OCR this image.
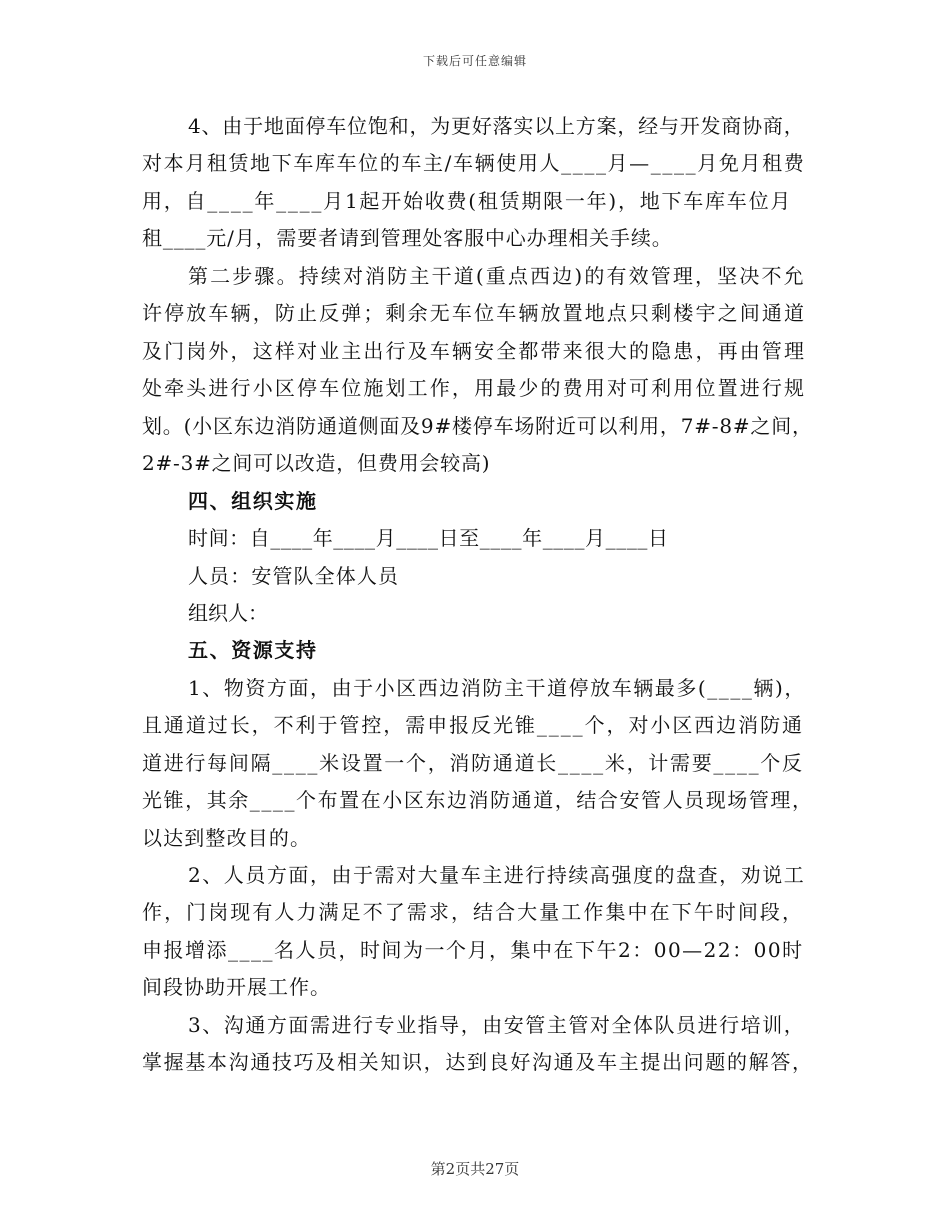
下载后可任意编辑
4、由于地面停车位饱和，为更好落实以上方案，经与开发商协商，
对本月租赁地下车库车位的车主/车辆使用人____月—____月免月租费
用，自____年____月1起开始收费(租赁期限一年)，地下车库车位月
租____元/月，需要者请到管理处客服中心办理相关手续。
第二步骤。持续对消防主干道(重点西边)的有效管理，坚决不允
许停放车辆，防止反弹；剩余无车位车辆放置地点只剩楼宇之间通道
及门岗外，这样对业主出行及车辆安全都带来很大的隐患，再由管理
处牵头进行小区停车位施划工作，用最少的费用对可利用位置进行规
划。(小区东边消防通道侧面及9#楼停车场附近可以利用，7#-8#之间，
2#-3#之间可以改造，但费用会较高)
四、组织实施
时间：自____年____月____日至____年____月____日
人员：安管队全体人员
组织人：
五、资源支持
1、物资方面，由于小区西边消防主干道停放车辆最多(____辆)，
且通道过长，不利于管控，需申报反光锥____个，对小区西边消防通
道进行每间隔____米设置一个，消防通道长____米，计需要____个反
光锥，其余____个布置在小区东边消防通道，结合安管人员现场管理，
以达到整改目的。
2、人员方面，由于需对大量车主进行持续高强度的盘查，劝说工
作，门岗现有人力满足不了需求，结合大量工作集中在下午时间段，
申报增添____名人员，时间为一个月，集中在下午2：00—22：00时
间段协助开展工作。
3、沟通方面需进行专业指导，由安管主管对全体队员进行培训，
掌握基本沟通技巧及相关知识，达到良好沟通及车主提出问题的解答，
第2页共27页
